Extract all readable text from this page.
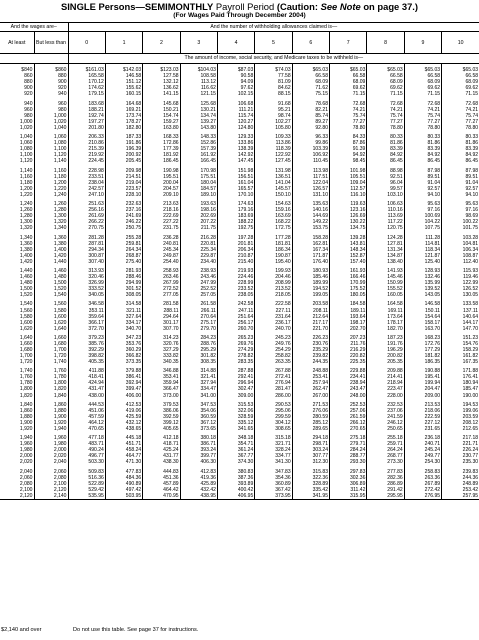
SINGLE Persons—SEMIMONTHLY Payroll Period (Caution: See Note on page 37.)
(For Wages Paid Through December 2004)
And the wages are–		And the number of withholding allowances claimed is—										
At least	But less than	0	1	2	3	4	5	6	7	8	9	10
		The amount of income, social security, and Medicare taxes to be withheld is—										

$840	$860	$161.03	$142.03	$123.03	$104.03	$87.03	$74.03	$65.03	$65.03	$65.03	$65.03	$65.03
860	880	165.58	146.58	127.58	108.58	90.58	77.58	66.58	66.58	66.58	66.58	66.58
880	900	170.12	151.12	132.12	113.12	94.09	81.09	68.09	68.09	68.09	68.09	68.09
900	920	174.62	155.62	136.62	116.62	97.62	84.62	71.62	69.62	69.62	69.62	69.62
920	940	179.15	160.15	141.15	121.15	102.15	88.15	75.15	71.15	71.15	71.15	71.15

940	960	183.68	164.68	145.68	125.68	106.68	91.68	78.68	72.68	72.68	72.68	72.68
960	980	188.21	169.21	150.21	130.21	111.21	95.21	82.21	74.21	74.21	74.21	74.21
980	1,000	192.74	173.74	154.74	134.74	115.74	98.74	85.74	75.74	75.74	75.74	75.74
1,000	1,020	197.27	178.27	159.27	139.27	120.27	102.27	89.27	77.27	77.27	77.27	77.27
1,020	1,040	201.80	182.80	163.80	143.80	124.80	105.80	92.80	78.80	78.80	78.80	78.80

1,040	1,060	206.33	187.33	168.33	148.33	129.33	109.33	96.33	84.33	80.33	80.33	80.33
1,060	1,080	210.86	191.86	172.86	152.86	133.86	113.86	99.86	87.86	81.86	81.86	81.86
1,080	1,100	215.39	196.39	177.39	157.39	138.39	118.39	103.39	91.39	83.39	83.39	83.39
1,100	1,120	219.92	200.92	181.92	161.92	142.92	122.92	106.92	94.92	84.92	84.92	84.92
1,120	1,140	224.45	205.45	186.45	166.45	147.45	127.45	110.45	98.45	86.45	86.45	86.45

1,140	1,160	228.98	209.98	190.98	170.98	151.98	131.98	113.98	101.98	88.98	87.98	87.98
1,160	1,180	233.51	214.51	195.51	175.51	156.51	136.51	117.51	105.51	92.51	89.51	89.51
1,180	1,200	238.04	219.04	200.04	180.04	161.04	141.04	122.04	109.04	96.04	91.04	91.04
1,200	1,220	242.57	223.57	204.57	184.57	165.57	145.57	126.57	112.57	99.57	92.57	92.57
1,220	1,240	247.10	228.10	209.10	189.10	170.10	150.10	131.10	116.10	103.10	94.10	94.10

1,240	1,260	251.63	232.63	213.63	193.63	174.63	154.63	135.63	119.63	106.63	95.63	95.63
1,260	1,280	256.16	237.16	218.16	198.16	179.16	159.16	140.16	123.16	110.16	97.16	97.16
1,280	1,300	261.69	241.69	222.69	202.69	183.69	163.69	144.69	126.69	113.69	100.69	98.69
1,300	1,320	266.22	246.22	227.22	207.22	188.22	168.22	149.22	130.22	117.22	104.22	100.22
1,320	1,340	270.75	250.75	231.75	211.75	192.75	172.75	153.75	134.75	120.75	107.75	101.75

1,340	1,360	281.28	255.28	236.28	216.28	197.28	177.28	158.28	139.28	124.28	111.28	103.28
1,360	1,380	287.81	259.81	240.81	220.81	201.81	181.81	162.81	143.81	127.81	114.81	104.81
1,380	1,400	294.34	264.34	245.34	225.34	206.34	186.34	167.34	148.34	131.34	118.34	106.34
1,400	1,420	300.87	268.87	249.87	229.87	210.87	190.87	171.87	152.87	134.87	121.87	108.87
1,420	1,440	307.40	275.40	254.40	234.40	215.40	195.40	176.40	157.40	138.40	125.40	112.40

1,440	1,460	313.93	281.93	258.93	238.93	219.93	199.93	180.93	161.93	141.93	128.93	115.93
1,460	1,480	320.46	288.46	263.46	243.46	224.46	204.46	185.46	166.46	145.46	132.46	119.46
1,480	1,500	326.99	294.99	267.99	247.99	228.99	208.99	189.99	170.99	150.99	135.99	122.99
1,500	1,520	333.52	301.52	272.52	252.52	233.52	213.52	194.52	175.52	155.52	139.52	126.52
1,520	1,540	340.05	308.05	277.05	257.05	238.05	218.05	199.05	180.05	160.05	143.05	130.05

1,540	1,560	346.58	314.58	281.58	261.58	242.58	222.58	203.58	184.58	164.58	146.58	133.58
1,560	1,580	353.11	321.11	288.11	266.11	247.11	227.11	208.11	189.11	169.11	150.11	137.11
1,580	1,600	359.64	327.64	294.64	270.64	251.64	231.64	212.64	193.64	173.64	154.64	140.64
1,600	1,620	366.17	334.17	301.17	275.17	256.17	236.17	217.17	198.17	178.17	158.17	144.17
1,620	1,640	372.70	340.70	307.70	279.70	260.70	240.70	221.70	202.70	182.70	163.70	147.70

1,640	1,660	379.23	347.23	314.23	284.23	265.23	245.23	226.23	207.23	187.23	168.23	151.23
1,660	1,680	385.76	353.76	320.76	288.76	269.76	249.76	230.76	211.76	191.76	172.76	154.76
1,680	1,700	392.29	360.29	327.29	295.29	274.29	254.29	235.29	216.29	196.29	177.29	158.29
1,700	1,720	398.82	366.82	333.82	301.82	278.82	258.82	239.82	220.82	200.82	181.82	161.82
1,720	1,740	405.35	373.35	340.35	308.35	283.35	263.35	244.35	225.35	205.35	186.35	167.35

1,740	1,760	411.88	379.88	346.88	314.88	287.88	267.88	248.88	229.88	209.88	190.88	171.88
1,760	1,780	418.41	386.41	353.41	321.41	292.41	272.41	253.41	234.41	214.41	195.41	176.41
1,780	1,800	424.94	392.94	359.94	327.94	296.94	276.94	257.94	238.94	218.94	199.94	180.94
1,800	1,820	431.47	399.47	366.47	334.47	302.47	281.47	262.47	243.47	223.47	204.47	185.47
1,820	1,840	438.00	406.00	373.00	341.00	309.00	286.00	267.00	248.00	228.00	209.00	190.00

1,840	1,860	444.53	412.53	379.53	347.53	315.53	290.53	271.53	252.53	232.53	213.53	194.53
1,860	1,880	451.06	419.06	386.06	354.06	322.06	295.06	276.06	257.06	237.06	218.06	199.06
1,880	1,900	457.59	425.59	392.59	360.59	328.59	299.59	280.59	261.59	241.59	222.59	203.59
1,900	1,920	464.12	432.12	399.12	367.12	335.12	304.12	285.12	266.12	246.12	227.12	208.12
1,920	1,940	470.65	438.65	405.65	373.65	341.65	308.65	289.65	270.65	250.65	231.65	212.65

1,940	1,960	477.18	445.18	412.18	380.18	348.18	315.18	294.18	275.18	255.18	236.18	217.18
1,960	1,980	483.71	451.71	418.71	386.71	354.71	321.71	298.71	279.71	259.71	240.71	221.71
1,980	2,000	490.24	458.24	425.24	393.24	361.24	328.24	303.24	284.24	264.24	245.24	226.24
2,000	2,020	496.77	464.77	431.77	399.77	367.77	334.77	307.77	288.77	268.77	249.77	230.77
2,020	2,040	503.30	471.30	438.30	406.30	374.30	341.30	312.30	293.30	273.30	254.30	235.30

2,040	2,060	509.83	477.83	444.83	412.83	380.83	347.83	315.83	297.83	277.83	258.83	239.83
2,060	2,080	516.36	484.36	451.36	419.36	387.36	354.36	322.36	302.36	282.36	263.36	244.36
2,080	2,100	522.89	490.89	457.89	425.89	393.89	360.89	328.89	306.89	286.89	267.89	248.89
2,100	2,120	529.42	497.42	464.42	432.42	400.42	367.42	335.42	311.42	291.42	272.42	253.42
2,120	2,140	535.95	503.95	470.95	438.95	406.95	373.95	341.95	315.95	295.95	276.95	257.95
$2,140 and over	Do not use this table. See page 37 for instructions.
